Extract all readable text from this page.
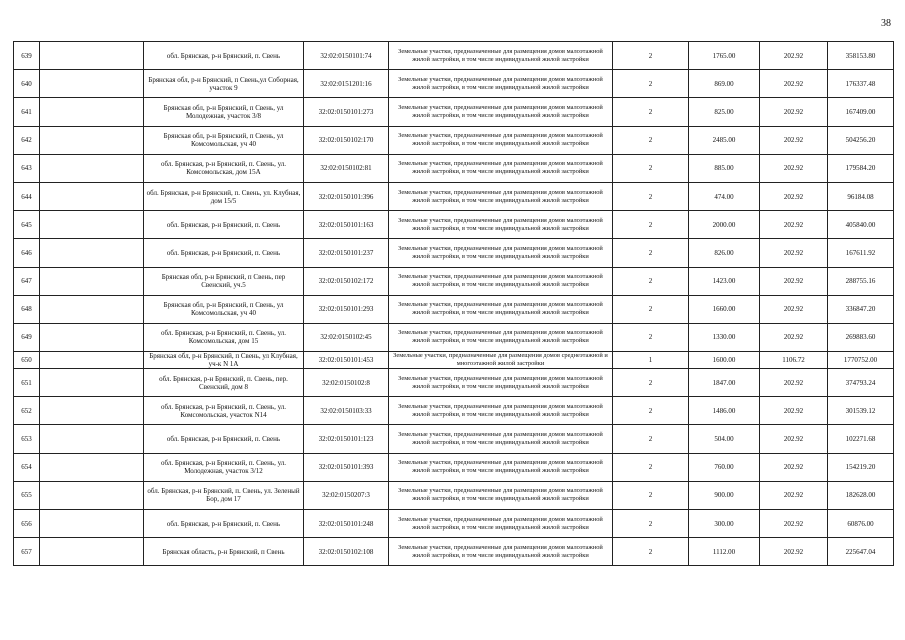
38
639		обл. Брянская, р-н Брянский, п. Свень	32:02:0150101:74	Земельные участки, предназначенные для размещения домов малоэтажной жилой застройки, в том числе индивидуальной жилой застройки	2	1765.00	202.92	358153.80
640		Брянская обл, р-н Брянский, п Свень,ул Соборная, участок 9	32:02:0151201:16	Земельные участки, предназначенные для размещения домов малоэтажной жилой застройки, в том числе индивидуальной жилой застройки	2	869.00	202.92	176337.48
641		Брянская обл, р-н Брянский, п Свень, ул Молодежная, участок 3/8	32:02:0150101:273	Земельные участки, предназначенные для размещения домов малоэтажной жилой застройки, в том числе индивидуальной жилой застройки	2	825.00	202.92	167409.00
642		Брянская обл, р-н Брянский, п Свень, ул Комсомольская, уч 40	32:02:0150102:170	Земельные участки, предназначенные для размещения домов малоэтажной жилой застройки, в том числе индивидуальной жилой застройки	2	2485.00	202.92	504256.20
643		обл. Брянская, р-н Брянский, п. Свень, ул. Комсомольская, дом 15А	32:02:0150102:81	Земельные участки, предназначенные для размещения домов малоэтажной жилой застройки, в том числе индивидуальной жилой застройки	2	885.00	202.92	179584.20
644		обл. Брянская, р-н Брянский, п. Свень, ул. Клубная, дом 15/5	32:02:0150101:396	Земельные участки, предназначенные для размещения домов малоэтажной жилой застройки, в том числе индивидуальной жилой застройки	2	474.00	202.92	96184.08
645		обл. Брянская, р-н Брянский, п. Свень	32:02:0150101:163	Земельные участки, предназначенные для размещения домов малоэтажной жилой застройки, в том числе индивидуальной жилой застройки	2	2000.00	202.92	405840.00
646		обл. Брянская, р-н Брянский, п. Свень	32:02:0150101:237	Земельные участки, предназначенные для размещения домов малоэтажной жилой застройки, в том числе индивидуальной жилой застройки	2	826.00	202.92	167611.92
647		Брянская обл, р-н Брянский, п Свень, пер Свенский, уч.5	32:02:0150102:172	Земельные участки, предназначенные для размещения домов малоэтажной жилой застройки, в том числе индивидуальной жилой застройки	2	1423.00	202.92	288755.16
648		Брянская обл, р-н Брянский, п Свень, ул Комсомольская, уч 40	32:02:0150101:293	Земельные участки, предназначенные для размещения домов малоэтажной жилой застройки, в том числе индивидуальной жилой застройки	2	1660.00	202.92	336847.20
649		обл. Брянская, р-н Брянский, п. Свень, ул. Комсомольская, дом 15	32:02:0150102:45	Земельные участки, предназначенные для размещения домов малоэтажной жилой застройки, в том числе индивидуальной жилой застройки	2	1330.00	202.92	269883.60
650		Брянская обл, р-н Брянский, п Свень, ул Клубная, уч-к N 1А	32:02:0150101:453	Земельные участки, предназначенные для размещения домов среднеэтажной и многоэтажной жилой застройки	1	1600.00	1106.72	1770752.00
651		обл. Брянская, р-н Брянский, п. Свень, пер. Свенский, дом 8	32:02:0150102:8	Земельные участки, предназначенные для размещения домов малоэтажной жилой застройки, в том числе индивидуальной жилой застройки	2	1847.00	202.92	374793.24
652		обл. Брянская, р-н Брянский, п. Свень, ул. Комсомольская, участок N14	32:02:0150103:33	Земельные участки, предназначенные для размещения домов малоэтажной жилой застройки, в том числе индивидуальной жилой застройки	2	1486.00	202.92	301539.12
653		обл. Брянская, р-н Брянский, п. Свень	32:02:0150101:123	Земельные участки, предназначенные для размещения домов малоэтажной жилой застройки, в том числе индивидуальной жилой застройки	2	504.00	202.92	102271.68
654		обл. Брянская, р-н Брянский, п. Свень, ул. Молодежная, участок 3/12	32:02:0150101:393	Земельные участки, предназначенные для размещения домов малоэтажной жилой застройки, в том числе индивидуальной жилой застройки	2	760.00	202.92	154219.20
655		обл. Брянская, р-н Брянский, п. Свень, ул. Зеленый Бор, дом 17	32:02:0150207:3	Земельные участки, предназначенные для размещения домов малоэтажной жилой застройки, в том числе индивидуальной жилой застройки	2	900.00	202.92	182628.00
656		обл. Брянская, р-н Брянский, п. Свень	32:02:0150101:248	Земельные участки, предназначенные для размещения домов малоэтажной жилой застройки, в том числе индивидуальной жилой застройки	2	300.00	202.92	60876.00
657		Брянская область, р-н Брянский, п Свень	32:02:0150102:108	Земельные участки, предназначенные для размещения домов малоэтажной жилой застройки, в том числе индивидуальной жилой застройки	2	1112.00	202.92	225647.04
